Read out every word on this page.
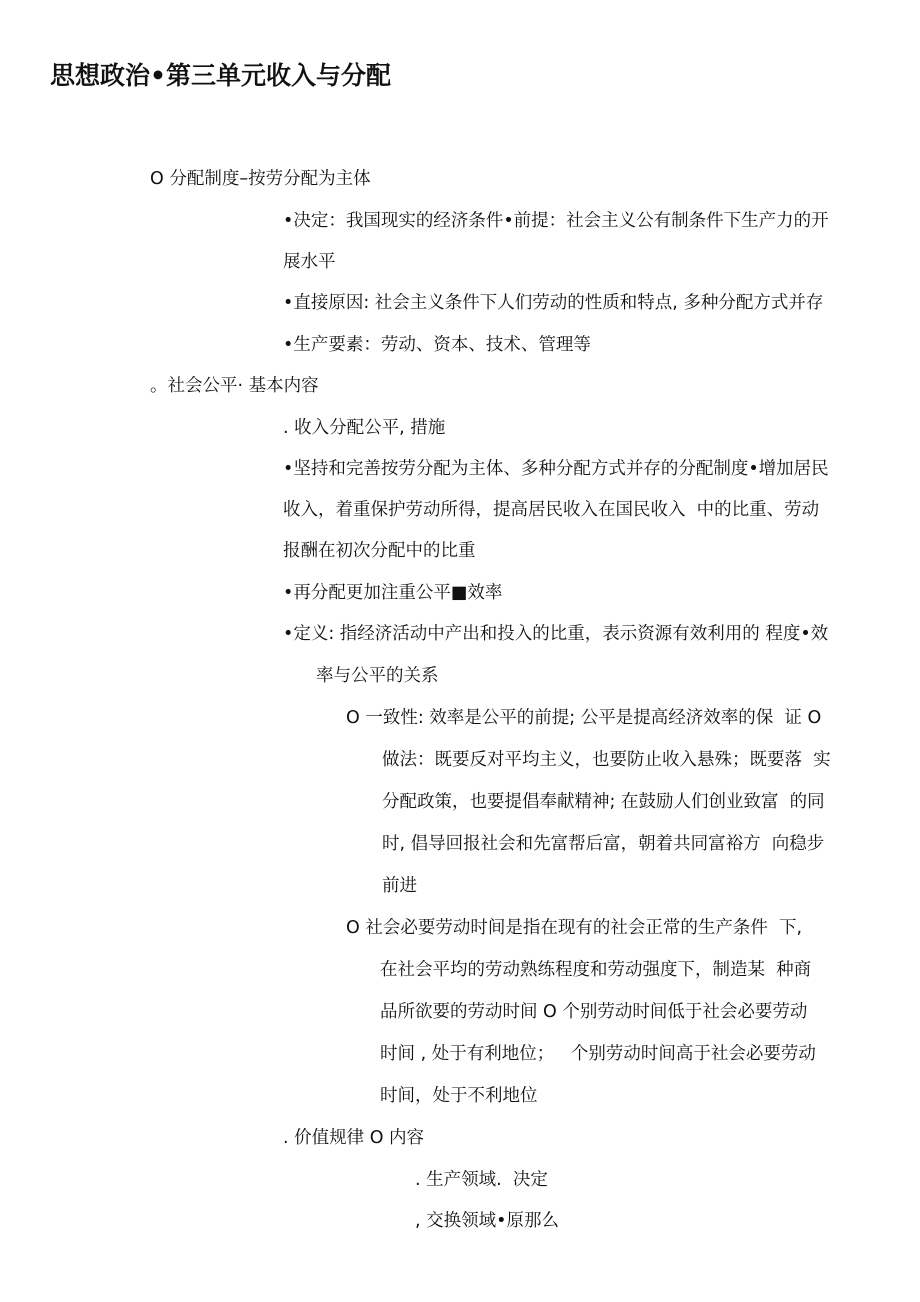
思想政治•第三单元收入与分配
O 分配制度–按劳分配为主体
•决定：我国现实的经济条件•前提：社会主义公有制条件下生产力的开
展水平
•直接原因: 社会主义条件下人们劳动的性质和特点, 多种分配方式并存
•生产要素：劳动、资本、技术、管理等
。社会公平· 基本内容
. 收入分配公平, 措施
•坚持和完善按劳分配为主体、多种分配方式并存的分配制度•增加居民
收入，着重保护劳动所得，提高居民收入在国民收入  中的比重、劳动
报酬在初次分配中的比重
•再分配更加注重公平■效率
•定义: 指经济活动中产出和投入的比重，表示资源有效利用的 程度•效
率与公平的关系
O 一致性: 效率是公平的前提; 公平是提高经济效率的保  证 O
做法：既要反对平均主义，也要防止收入悬殊；既要落  实
分配政策，也要提倡奉献精神; 在鼓励人们创业致富  的同
时, 倡导回报社会和先富帮后富，朝着共同富裕方  向稳步
前进
O 社会必要劳动时间是指在现有的社会正常的生产条件  下,
在社会平均的劳动熟练程度和劳动强度下，制造某  种商
品所欲要的劳动时间 O 个别劳动时间低于社会必要劳动
时间 , 处于有利地位；   个别劳动时间高于社会必要劳动
时间，处于不利地位
. 价值规律 O 内容
. 生产领域.  决定
, 交换领域•原那么
